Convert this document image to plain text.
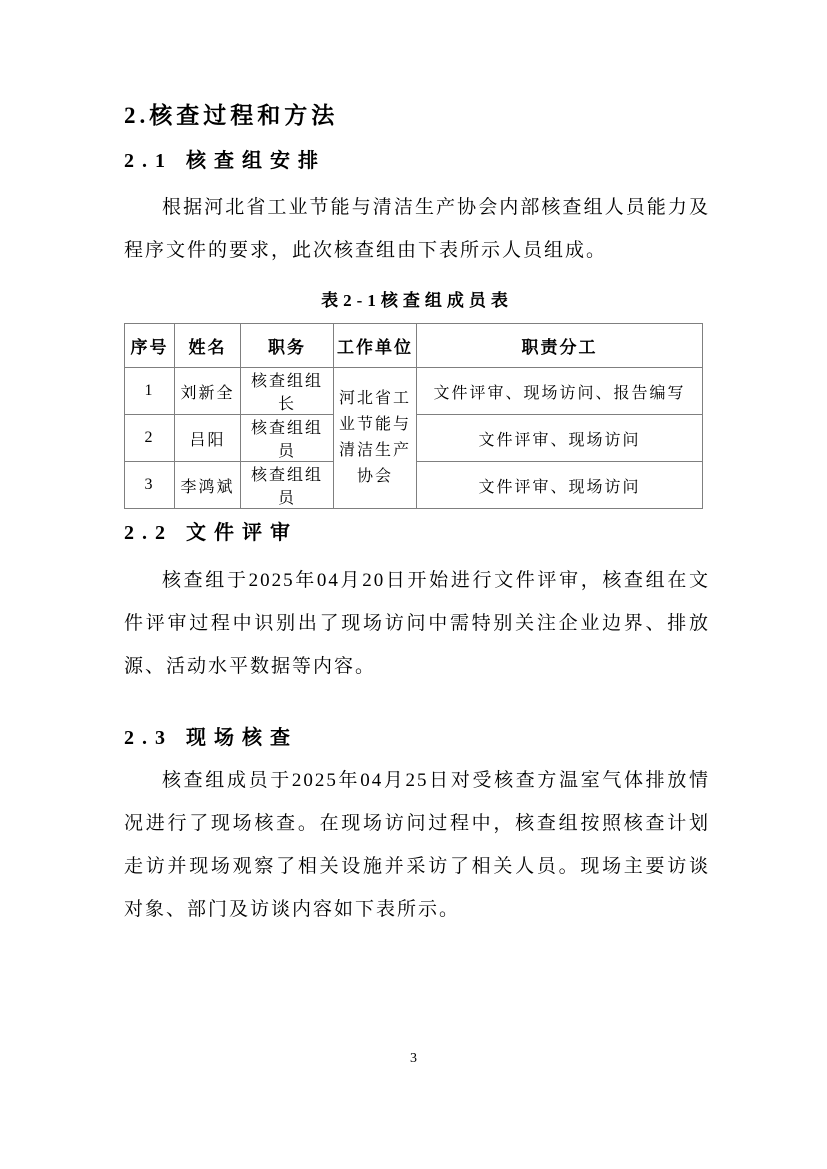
2.核查过程和方法
2.1 核查组安排
根据河北省工业节能与清洁生产协会内部核查组人员能力及程序文件的要求，此次核查组由下表所示人员组成。
表2-1核查组成员表
序号	姓名	职务	工作单位	职责分工
1	刘新全	核查组组长	河北省工业节能与清洁生产协会	文件评审、现场访问、报告编写
2	吕阳	核查组组员		文件评审、现场访问
3	李鸿斌	核查组组员		文件评审、现场访问
2.2 文件评审
核查组于2025年04月20日开始进行文件评审，核查组在文件评审过程中识别出了现场访问中需特别关注企业边界、排放源、活动水平数据等内容。
2.3 现场核查
核查组成员于2025年04月25日对受核查方温室气体排放情况进行了现场核查。在现场访问过程中，核查组按照核查计划走访并现场观察了相关设施并采访了相关人员。现场主要访谈对象、部门及访谈内容如下表所示。
3
